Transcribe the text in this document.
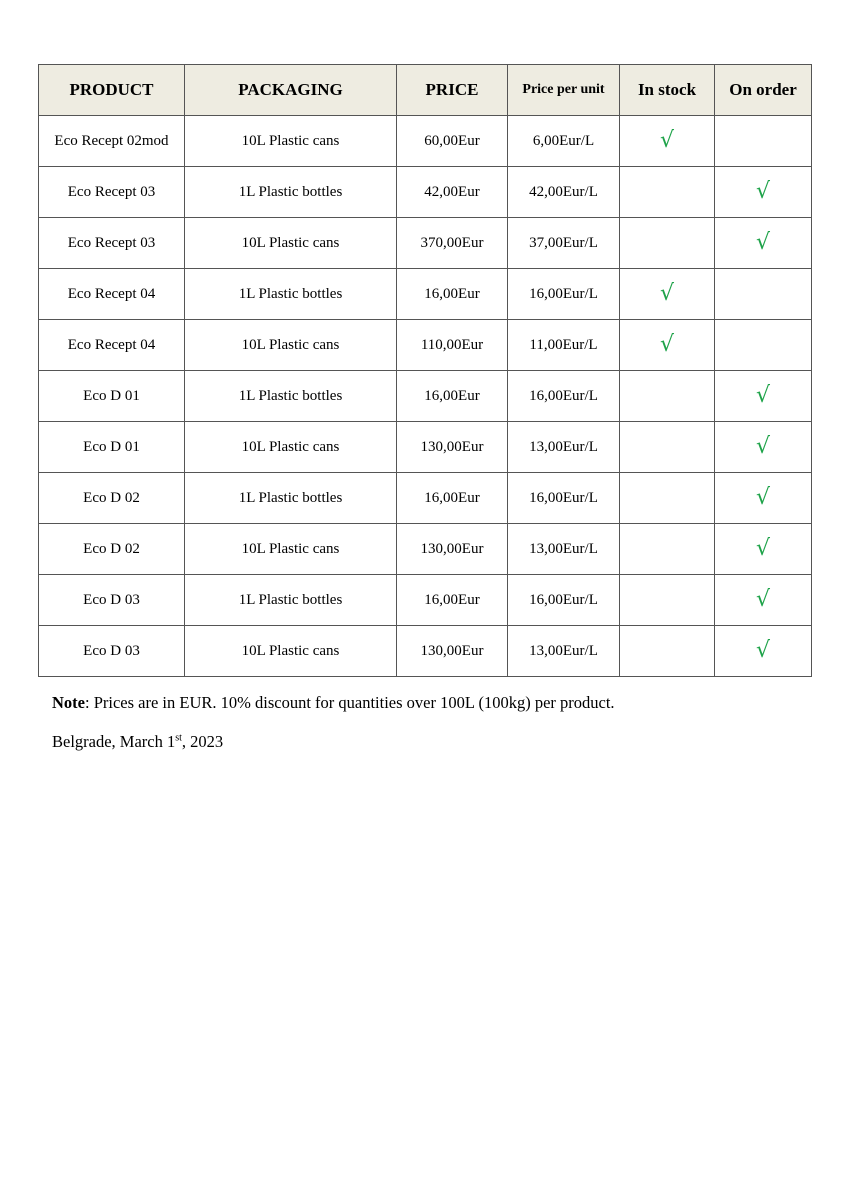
PRODUCT	PACKAGING	PRICE	Price per unit	In stock	On order
Eco Recept 02mod	10L Plastic cans	60,00Eur	6,00Eur/L	√	
Eco Recept 03	1L Plastic bottles	42,00Eur	42,00Eur/L		√
Eco Recept 03	10L Plastic cans	370,00Eur	37,00Eur/L		√
Eco Recept 04	1L Plastic bottles	16,00Eur	16,00Eur/L	√	
Eco Recept 04	10L Plastic cans	110,00Eur	11,00Eur/L	√	
Eco D 01	1L Plastic bottles	16,00Eur	16,00Eur/L		√
Eco D 01	10L Plastic cans	130,00Eur	13,00Eur/L		√
Eco D 02	1L Plastic bottles	16,00Eur	16,00Eur/L		√
Eco D 02	10L Plastic cans	130,00Eur	13,00Eur/L		√
Eco D 03	1L Plastic bottles	16,00Eur	16,00Eur/L		√
Eco D 03	10L Plastic cans	130,00Eur	13,00Eur/L		√

Note: Prices are in EUR. 10% discount for quantities over 100L (100kg) per product.

Belgrade, March 1st, 2023
